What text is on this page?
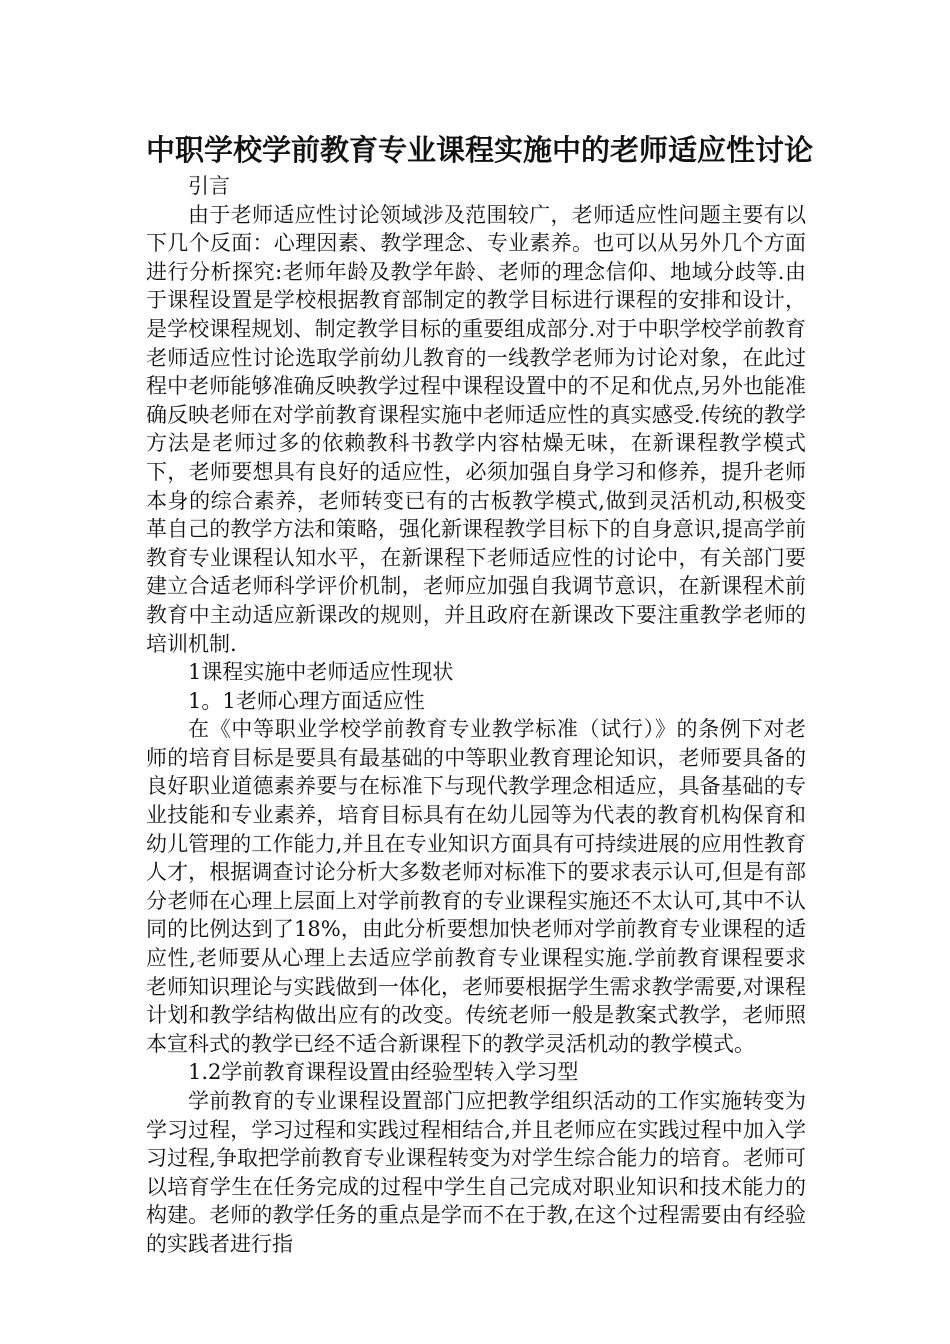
中职学校学前教育专业课程实施中的老师适应性讨论

引言

由于老师适应性讨论领域涉及范围较广，老师适应性问题主要有以下几个反面：心理因素、教学理念、专业素养。也可以从另外几个方面进行分析探究:老师年龄及教学年龄、老师的理念信仰、地域分歧等.由于课程设置是学校根据教育部制定的教学目标进行课程的安排和设计，是学校课程规划、制定教学目标的重要组成部分.对于中职学校学前教育老师适应性讨论选取学前幼儿教育的一线教学老师为讨论对象，在此过程中老师能够准确反映教学过程中课程设置中的不足和优点,另外也能准确反映老师在对学前教育课程实施中老师适应性的真实感受.传统的教学方法是老师过多的依赖教科书教学内容枯燥无味，在新课程教学模式下，老师要想具有良好的适应性，必须加强自身学习和修养，提升老师本身的综合素养，老师转变已有的古板教学模式,做到灵活机动,积极变革自己的教学方法和策略，强化新课程教学目标下的自身意识,提高学前教育专业课程认知水平，在新课程下老师适应性的讨论中，有关部门要建立合适老师科学评价机制，老师应加强自我调节意识，在新课程术前教育中主动适应新课改的规则，并且政府在新课改下要注重教学老师的培训机制.

1课程实施中老师适应性现状

1。1老师心理方面适应性

在《中等职业学校学前教育专业教学标准（试行）》的条例下对老师的培育目标是要具有最基础的中等职业教育理论知识，老师要具备的良好职业道德素养要与在标准下与现代教学理念相适应，具备基础的专业技能和专业素养，培育目标具有在幼儿园等为代表的教育机构保育和幼儿管理的工作能力,并且在专业知识方面具有可持续进展的应用性教育人才，根据调查讨论分析大多数老师对标准下的要求表示认可,但是有部分老师在心理上层面上对学前教育的专业课程实施还不太认可,其中不认同的比例达到了18%，由此分析要想加快老师对学前教育专业课程的适应性,老师要从心理上去适应学前教育专业课程实施.学前教育课程要求老师知识理论与实践做到一体化，老师要根据学生需求教学需要,对课程计划和教学结构做出应有的改变。传统老师一般是教案式教学，老师照本宣科式的教学已经不适合新课程下的教学灵活机动的教学模式。

1.2学前教育课程设置由经验型转入学习型

学前教育的专业课程设置部门应把教学组织活动的工作实施转变为学习过程，学习过程和实践过程相结合,并且老师应在实践过程中加入学习过程,争取把学前教育专业课程转变为对学生综合能力的培育。老师可以培育学生在任务完成的过程中学生自己完成对职业知识和技术能力的构建。老师的教学任务的重点是学而不在于教,在这个过程需要由有经验的实践者进行指
